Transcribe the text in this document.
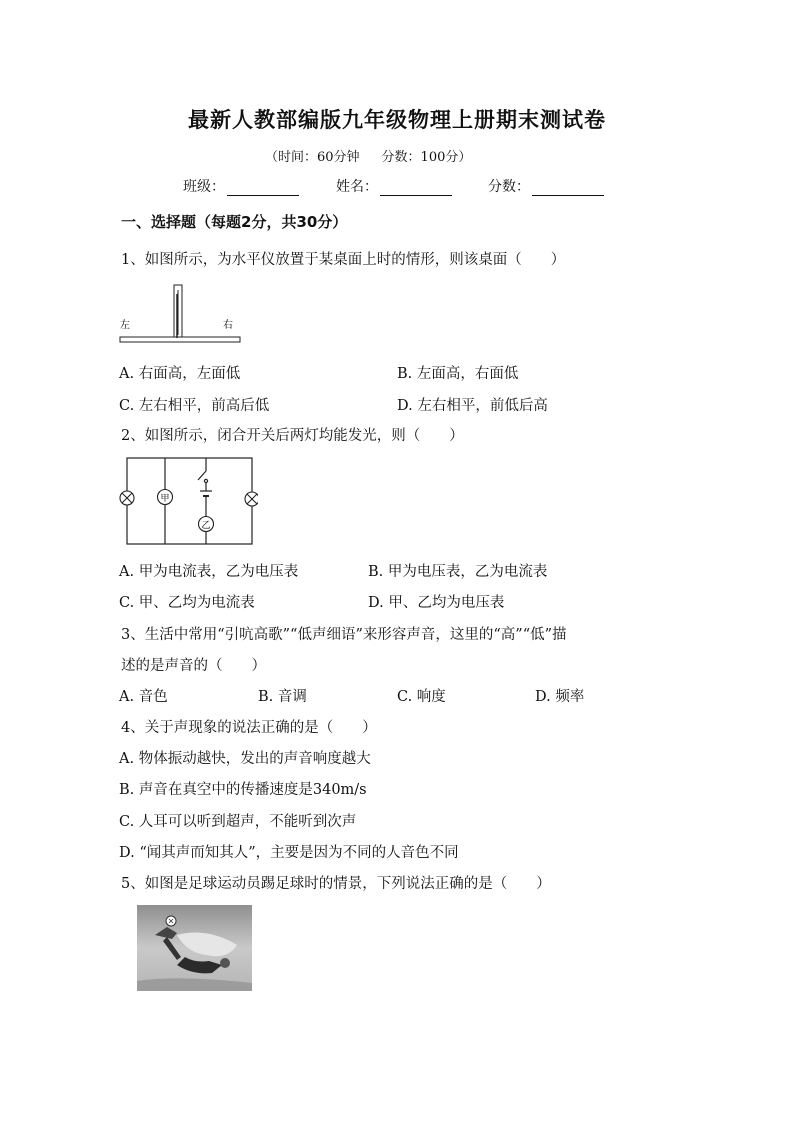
最新人教部编版九年级物理上册期末测试卷
（时间：60分钟 分数：100分）
班级：	姓名：	分数：
一、选择题（每题2分，共30分）
1、如图所示，为水平仪放置于某桌面上时的情形，则该桌面（　　）
左	右
A. 右面高，左面低	B. 左面高，右面低
C. 左右相平，前高后低	D. 左右相平，前低后高
2、如图所示，闭合开关后两灯均能发光，则（　　）
甲
乙
A. 甲为电流表，乙为电压表	B. 甲为电压表，乙为电流表
C. 甲、乙均为电流表	D. 甲、乙均为电压表
3、生活中常用“引吭高歌”“低声细语”来形容声音，这里的“高”“低”描
述的是声音的（　　）
A. 音色	B. 音调	C. 响度	D. 频率
4、关于声现象的说法正确的是（　　）
A. 物体振动越快，发出的声音响度越大
B. 声音在真空中的传播速度是340m/s
C. 人耳可以听到超声，不能听到次声
D. “闻其声而知其人”，主要是因为不同的人音色不同
5、如图是足球运动员踢足球时的情景，下列说法正确的是（　　）
